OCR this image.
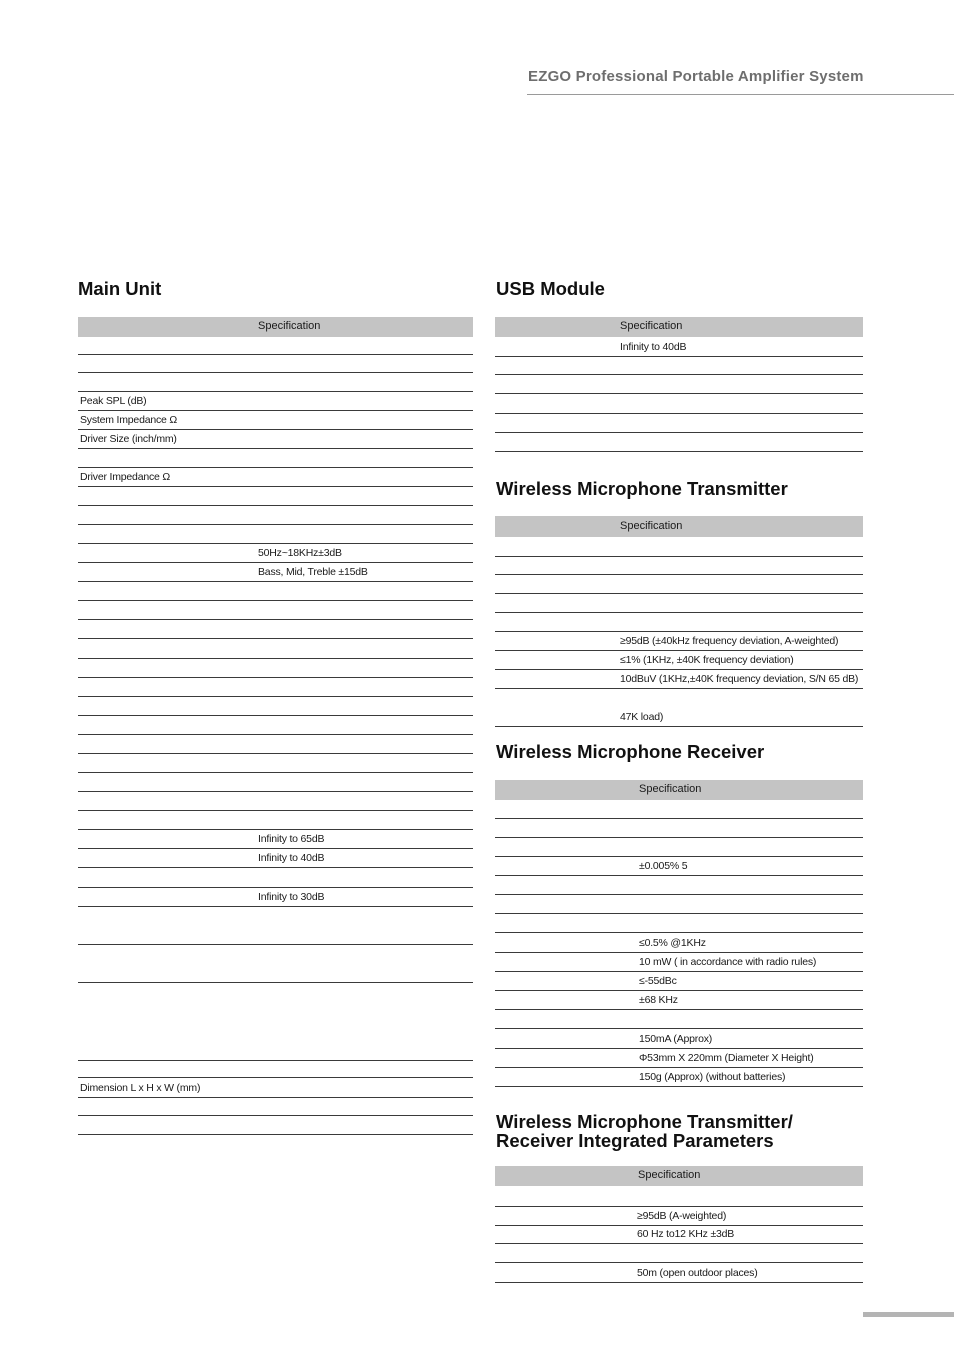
EZGO Professional Portable Amplifier System
Main Unit
Specification
Peak SPL (dB)
System Impedance Ω
Driver Size (inch/mm)
Driver Impedance Ω
50Hz~18KHz±3dB
Bass, Mid, Treble ±15dB
Infinity to 65dB
Infinity to 40dB
Infinity to 30dB
Dimension L x H x W (mm)
USB Module
Specification
Infinity to 40dB
Wireless Microphone Transmitter
Specification
≥95dB (±40kHz frequency deviation, A-weighted)
≤1% (1KHz, ±40K frequency deviation)
10dBuV (1KHz,±40K frequency deviation, S/N 65 dB)
47K load)
Wireless Microphone Receiver
Specification
±0.005% 5
≤0.5% @1KHz
10 mW ( in accordance with radio rules)
≤-55dBc
±68 KHz
150mA (Approx)
Φ53mm X 220mm (Diameter X Height)
150g (Approx) (without batteries)
Wireless Microphone Transmitter/
Receiver Integrated Parameters
Specification
≥95dB (A-weighted)
60 Hz to12 KHz ±3dB
50m (open outdoor places)
